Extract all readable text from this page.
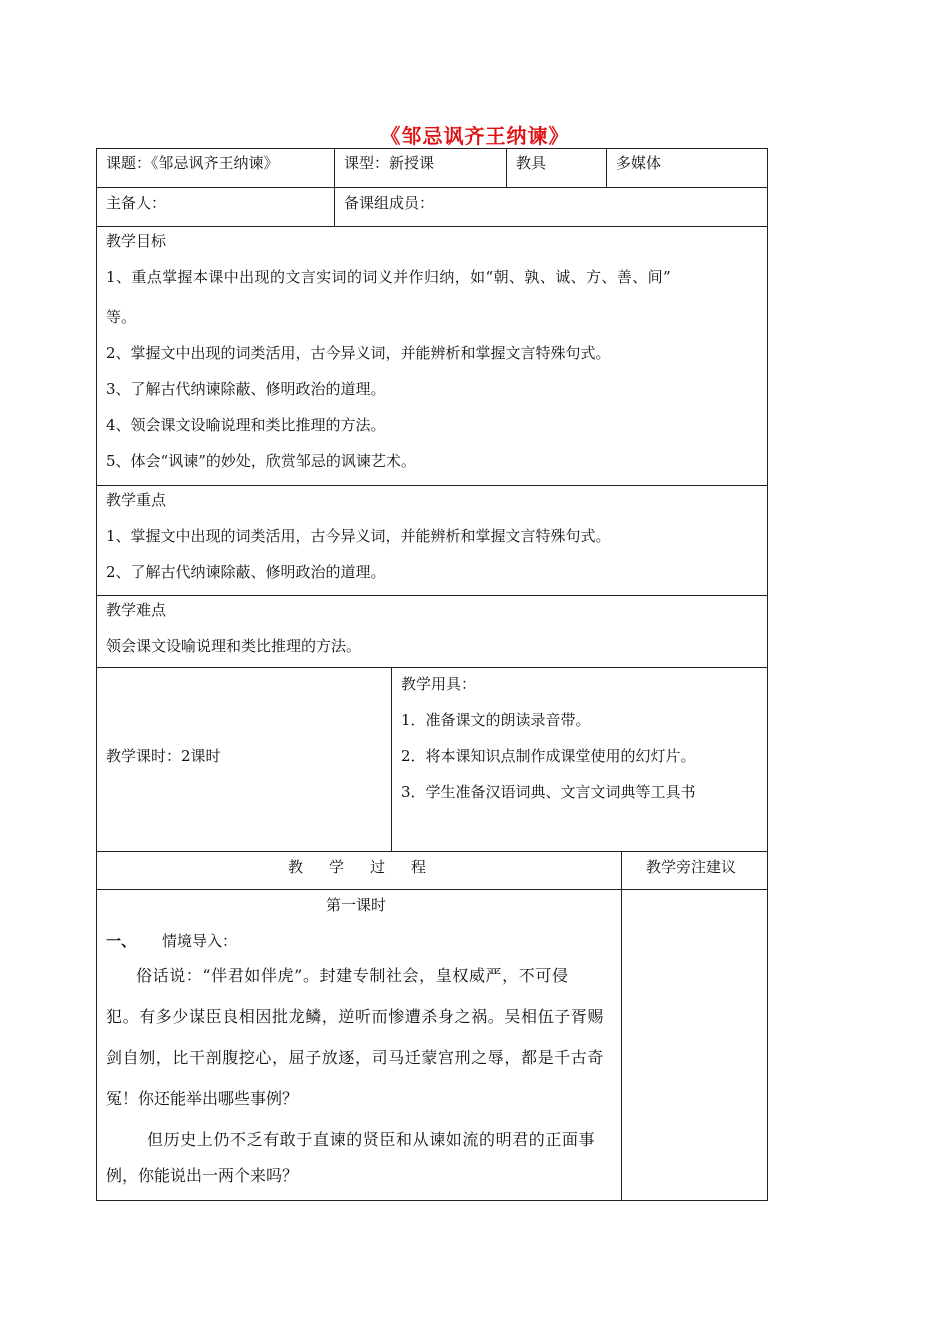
《邹忌讽齐王纳谏》
课题：《邹忌讽齐王纳谏》	课型：新授课	教具	多媒体
主备人：	备课组成员：
教学目标
1、重点掌握本课中出现的文言实词的词义并作归纳，如“朝、孰、诚、方、善、间”
等。
2、掌握文中出现的词类活用，古今异义词，并能辨析和掌握文言特殊句式。
3、了解古代纳谏除蔽、修明政治的道理。
4、领会课文设喻说理和类比推理的方法。
5、体会“讽谏”的妙处，欣赏邹忌的讽谏艺术。
教学重点
1、掌握文中出现的词类活用，古今异义词，并能辨析和掌握文言特殊句式。
2、了解古代纳谏除蔽、修明政治的道理。
教学难点
领会课文设喻说理和类比推理的方法。
教学课时：2课时
教学用具：
1．准备课文的朗读录音带。
2．将本课知识点制作成课堂使用的幻灯片。
3．学生准备汉语词典、文言文词典等工具书
教学过程	教学旁注建议
第一课时
一、 情境导入：
俗话说：“伴君如伴虎”。封建专制社会，皇权威严，不可侵
犯。有多少谋臣良相因批龙鳞，逆听而惨遭杀身之祸。吴相伍子胥赐
剑自刎，比干剖腹挖心，屈子放逐，司马迁蒙宫刑之辱，都是千古奇
冤！你还能举出哪些事例？
但历史上仍不乏有敢于直谏的贤臣和从谏如流的明君的正面事
例，你能说出一两个来吗？
